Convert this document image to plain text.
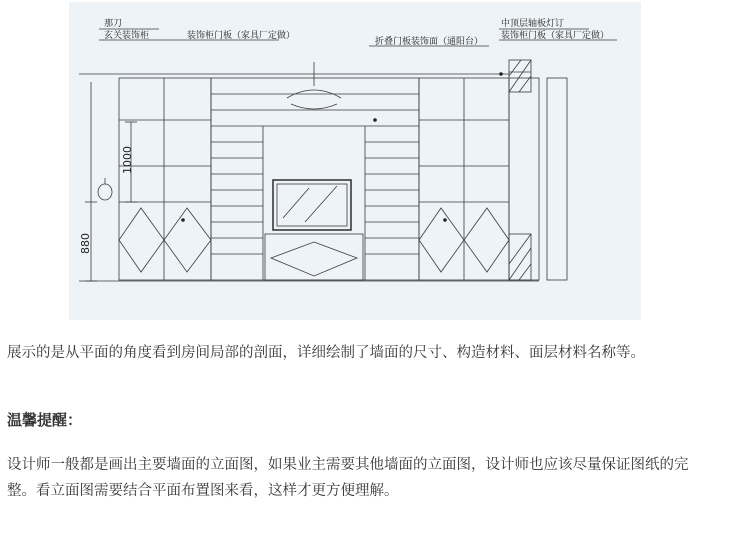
玄关装饰柜	装饰柜门板（家具厂定做）
折叠门板装饰面（通阳台）
装饰柜门板（家具厂定做）
那刀	中顶层轴板灯订
1000
880

展示的是从平面的角度看到房间局部的剖面，详细绘制了墙面的尺寸、构造材料、面层材料名称等。

温馨提醒：

设计师一般都是画出主要墙面的立面图，如果业主需要其他墙面的立面图，设计师也应该尽量保证图纸的完整。看立面图需要结合平面布置图来看，这样才更方便理解。
